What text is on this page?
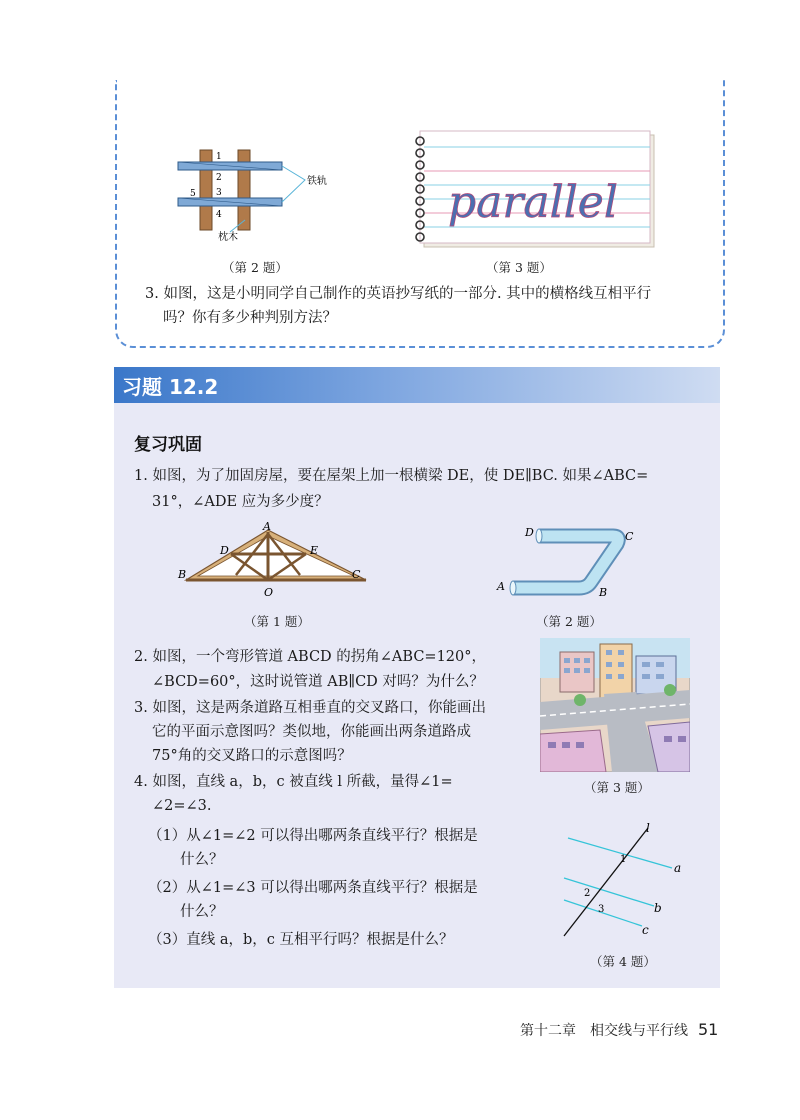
1
2
3
4
5
铁轨
枕木
（第 2 题）
parallel
（第 3 题）
3. 如图，这是小明同学自己制作的英语抄写纸的一部分. 其中的横格线互相平行
吗？你有多少种判别方法？
习题 12.2
复习巩固
1. 如图，为了加固房屋，要在屋架上加一根横梁 DE，使 DE∥BC. 如果∠ABC=
31°，∠ADE 应为多少度？
A
D	E
B	C
O
（第 1 题）
D	C
A	B
（第 2 题）
2. 如图，一个弯形管道 ABCD 的拐角∠ABC=120°，
∠BCD=60°，这时说管道 AB∥CD 对吗？为什么？
3. 如图，这是两条道路互相垂直的交叉路口，你能画出
它的平面示意图吗？类似地，你能画出两条道路成
75°角的交叉路口的示意图吗？
（第 3 题）
4. 如图，直线 a，b，c 被直线 l 所截，量得∠1=
∠2=∠3.
（1）从∠1=∠2 可以得出哪两条直线平行？根据是
什么？
（2）从∠1=∠3 可以得出哪两条直线平行？根据是
什么？
（3）直线 a，b，c 互相平行吗？根据是什么？
l
a
b
c
1
2
3
（第 4 题）
第十二章　相交线与平行线 51
